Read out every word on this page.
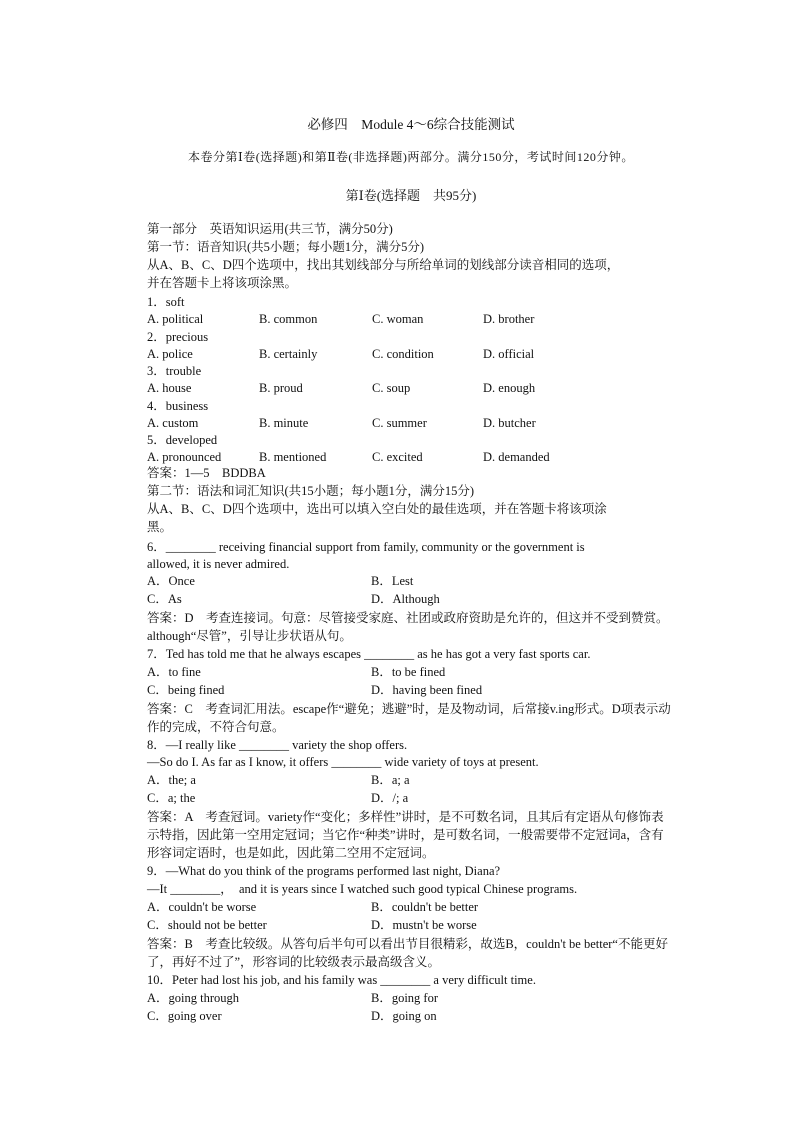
必修四　Module 4～6综合技能测试
本卷分第Ⅰ卷(选择题)和第Ⅱ卷(非选择题)两部分。满分150分，考试时间120分钟。
第Ⅰ卷(选择题　共95分)
第一部分　英语知识运用(共三节，满分50分)
第一节：语音知识(共5小题；每小题1分，满分5分)
从A、B、C、D四个选项中，找出其划线部分与所给单词的划线部分读音相同的选项，
并在答题卡上将该项涂黑。
1．soft
A. political	B. common	C. woman	D. brother
2．precious
A. police	B. certainly	C. condition	D. official
3．trouble
A. house	B. proud	C. soup	D. enough
4．business
A. custom	B. minute	C. summer	D. butcher
5．developed
A. pronounced	B. mentioned	C. excited	D. demanded
答案：1—5　BDDBA
第二节：语法和词汇知识(共15小题；每小题1分，满分15分)
从A、B、C、D四个选项中，选出可以填入空白处的最佳选项，并在答题卡将该项涂
黑。
6．________ receiving financial support from family, community or the government is
allowed, it is never admired.
A．Once	B．Lest
C．As	D．Although
答案：D　考查连接词。句意：尽管接受家庭、社团或政府资助是允许的，但这并不受到赞赏。although“尽管”，引导让步状语从句。
7．Ted has told me that he always escapes ________ as he has got a very fast sports car.
A．to fine	B．to be fined
C．being fined	D．having been fined
答案：C　考查词汇用法。escape作“避免；逃避”时，是及物动词，后常接v.ing形式。D项表示动作的完成，不符合句意。
8．—I really like ________ variety the shop offers.
—So do I. As far as I know, it offers ________ wide variety of toys at present.
A．the; a	B．a; a
C．a; the	D．/; a
答案：A　考查冠词。variety作“变化；多样性”讲时，是不可数名词，且其后有定语从句修饰表示特指，因此第一空用定冠词；当它作“种类”讲时，是可数名词，一般需要带不定冠词a，含有形容词定语时，也是如此，因此第二空用不定冠词。
9．—What do you think of the programs performed last night, Diana?
—It ________，　and it is years since I watched such good typical Chinese programs.
A．couldn't be worse	B．couldn't be better
C．should not be better	D．mustn't be worse
答案：B　考查比较级。从答句后半句可以看出节目很精彩，故选B，couldn't be better“不能更好了，再好不过了”，形容词的比较级表示最高级含义。
10．Peter had lost his job, and his family was ________ a very difficult time.
A．going through	B．going for
C．going over	D．going on
